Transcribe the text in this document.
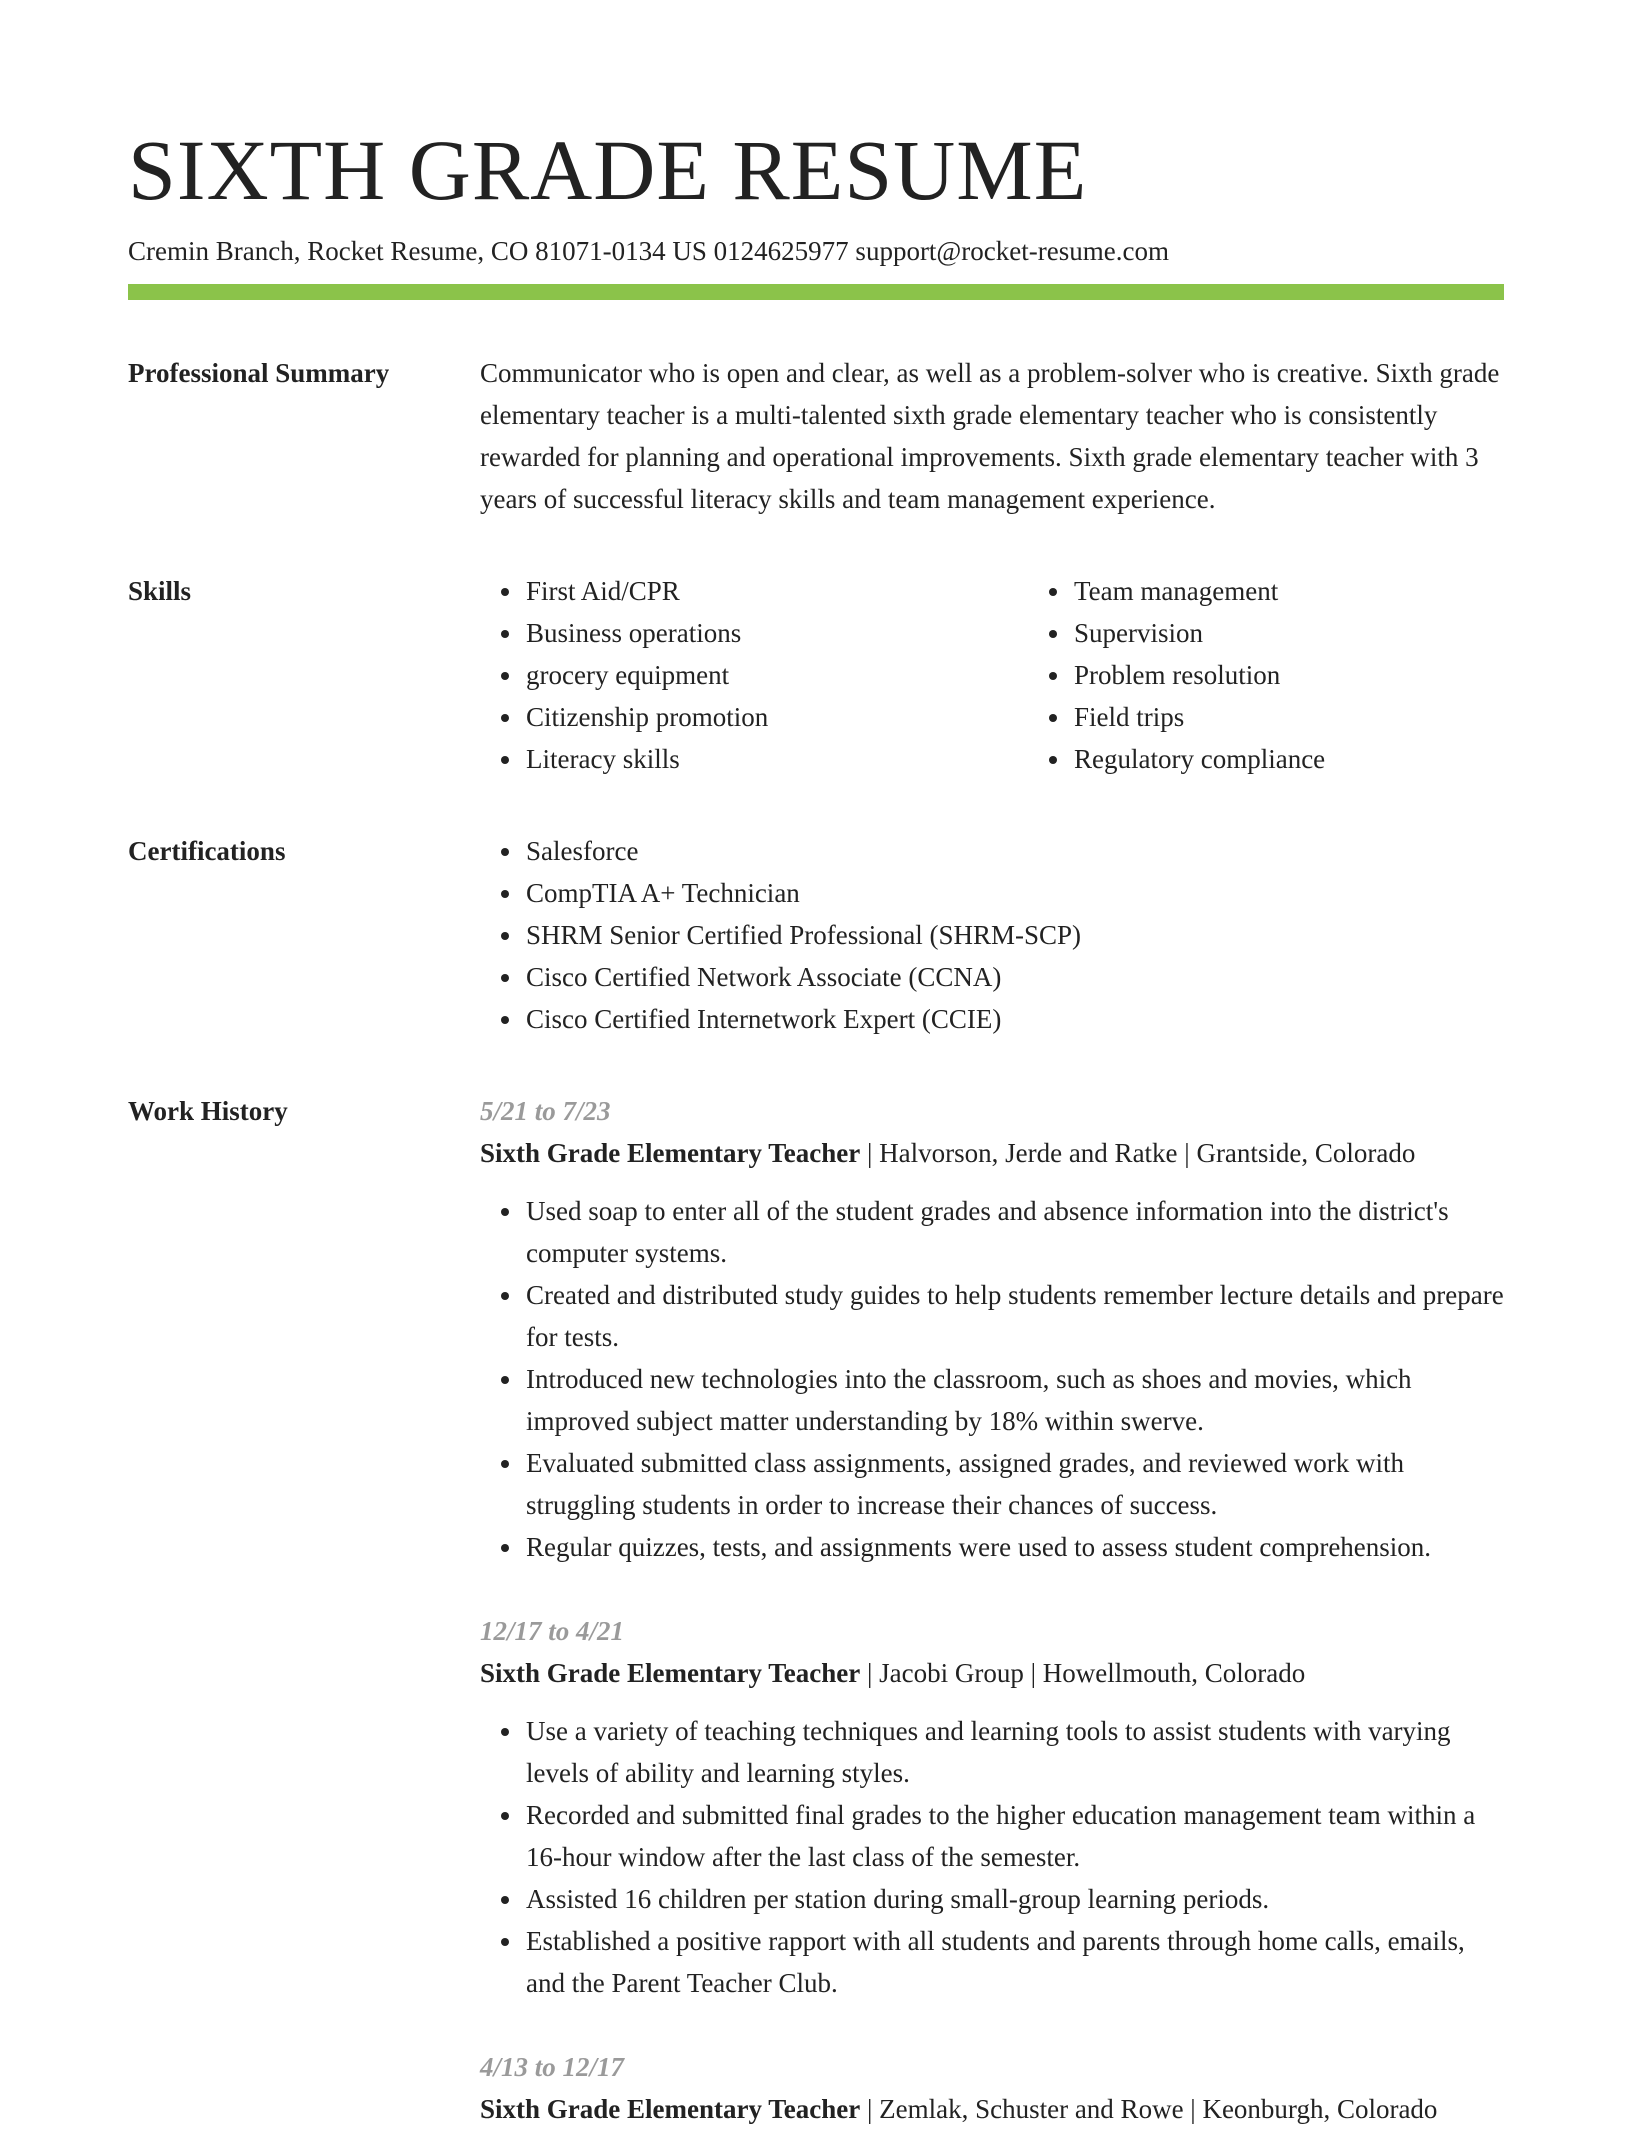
SIXTH GRADE RESUME
Cremin Branch, Rocket Resume, CO 81071-0134 US 0124625977 support@rocket-resume.com
Professional Summary	Communicator who is open and clear, as well as a problem-solver who is creative. Sixth grade elementary teacher is a multi-talented sixth grade elementary teacher who is consistently rewarded for planning and operational improvements. Sixth grade elementary teacher with 3 years of successful literacy skills and team management experience.

Skills	• First Aid/CPR
• Business operations
• grocery equipment
• Citizenship promotion
• Literacy skills
• Team management
• Supervision
• Problem resolution
• Field trips
• Regulatory compliance
Certifications	• Salesforce
• CompTIA A+ Technician
• SHRM Senior Certified Professional (SHRM-SCP)
• Cisco Certified Network Associate (CCNA)
• Cisco Certified Internetwork Expert (CCIE)
Work History	5/21 to 7/23
Sixth Grade Elementary Teacher | Halvorson, Jerde and Ratke | Grantside, Colorado
• Used soap to enter all of the student grades and absence information into the district's computer systems.
• Created and distributed study guides to help students remember lecture details and prepare for tests.
• Introduced new technologies into the classroom, such as shoes and movies, which improved subject matter understanding by 18% within swerve.
• Evaluated submitted class assignments, assigned grades, and reviewed work with struggling students in order to increase their chances of success.
• Regular quizzes, tests, and assignments were used to assess student comprehension.
12/17 to 4/21
Sixth Grade Elementary Teacher | Jacobi Group | Howellmouth, Colorado
• Use a variety of teaching techniques and learning tools to assist students with varying levels of ability and learning styles.
• Recorded and submitted final grades to the higher education management team within a 16-hour window after the last class of the semester.
• Assisted 16 children per station during small-group learning periods.
• Established a positive rapport with all students and parents through home calls, emails, and the Parent Teacher Club.
4/13 to 12/17
Sixth Grade Elementary Teacher | Zemlak, Schuster and Rowe | Keonburgh, Colorado
